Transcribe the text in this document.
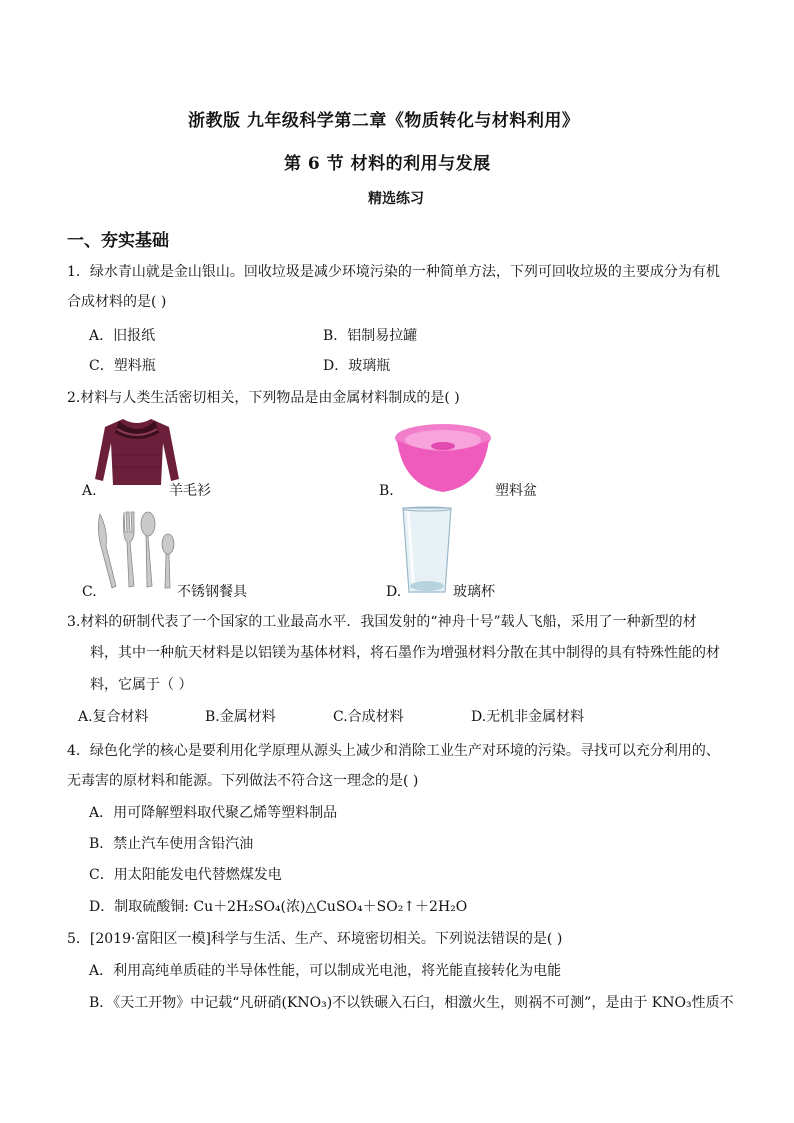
浙教版 九年级科学第二章《物质转化与材料利用》
第 6 节 材料的利用与发展
精选练习
一、夯实基础
1．绿水青山就是金山银山。回收垃圾是减少环境污染的一种简单方法，下列可回收垃圾的主要成分为有机
合成材料的是( )
A．旧报纸	B．铝制易拉罐
C．塑料瓶	D．玻璃瓶
2.材料与人类生活密切相关，下列物品是由金属材料制成的是( )
A.	羊毛衫	B.	塑料盆
C.	不锈钢餐具	D.	玻璃杯
3.材料的研制代表了一个国家的工业最高水平．我国发射的“神舟十号”载人飞船，采用了一种新型的材
料，其中一种航天材料是以铝镁为基体材料，将石墨作为增强材料分散在其中制得的具有特殊性能的材
料，它属于（ ）
A.复合材料	B.金属材料	C.合成材料	D.无机非金属材料
4．绿色化学的核心是要利用化学原理从源头上减少和消除工业生产对环境的污染。寻找可以充分利用的、
无毒害的原材料和能源。下列做法不符合这一理念的是( )
A．用可降解塑料取代聚乙烯等塑料制品
B．禁止汽车使用含铅汽油
C．用太阳能发电代替燃煤发电
D．制取硫酸铜: Cu＋2H₂SO₄(浓)△CuSO₄＋SO₂↑＋2H₂O
5．[2019·富阳区一模]科学与生活、生产、环境密切相关。下列说法错误的是( )
A．利用高纯单质硅的半导体性能，可以制成光电池，将光能直接转化为电能
B．《天工开物》中记载“凡研硝(KNO₃)不以铁碾入石臼，相激火生，则祸不可测”，是由于 KNO₃性质不
